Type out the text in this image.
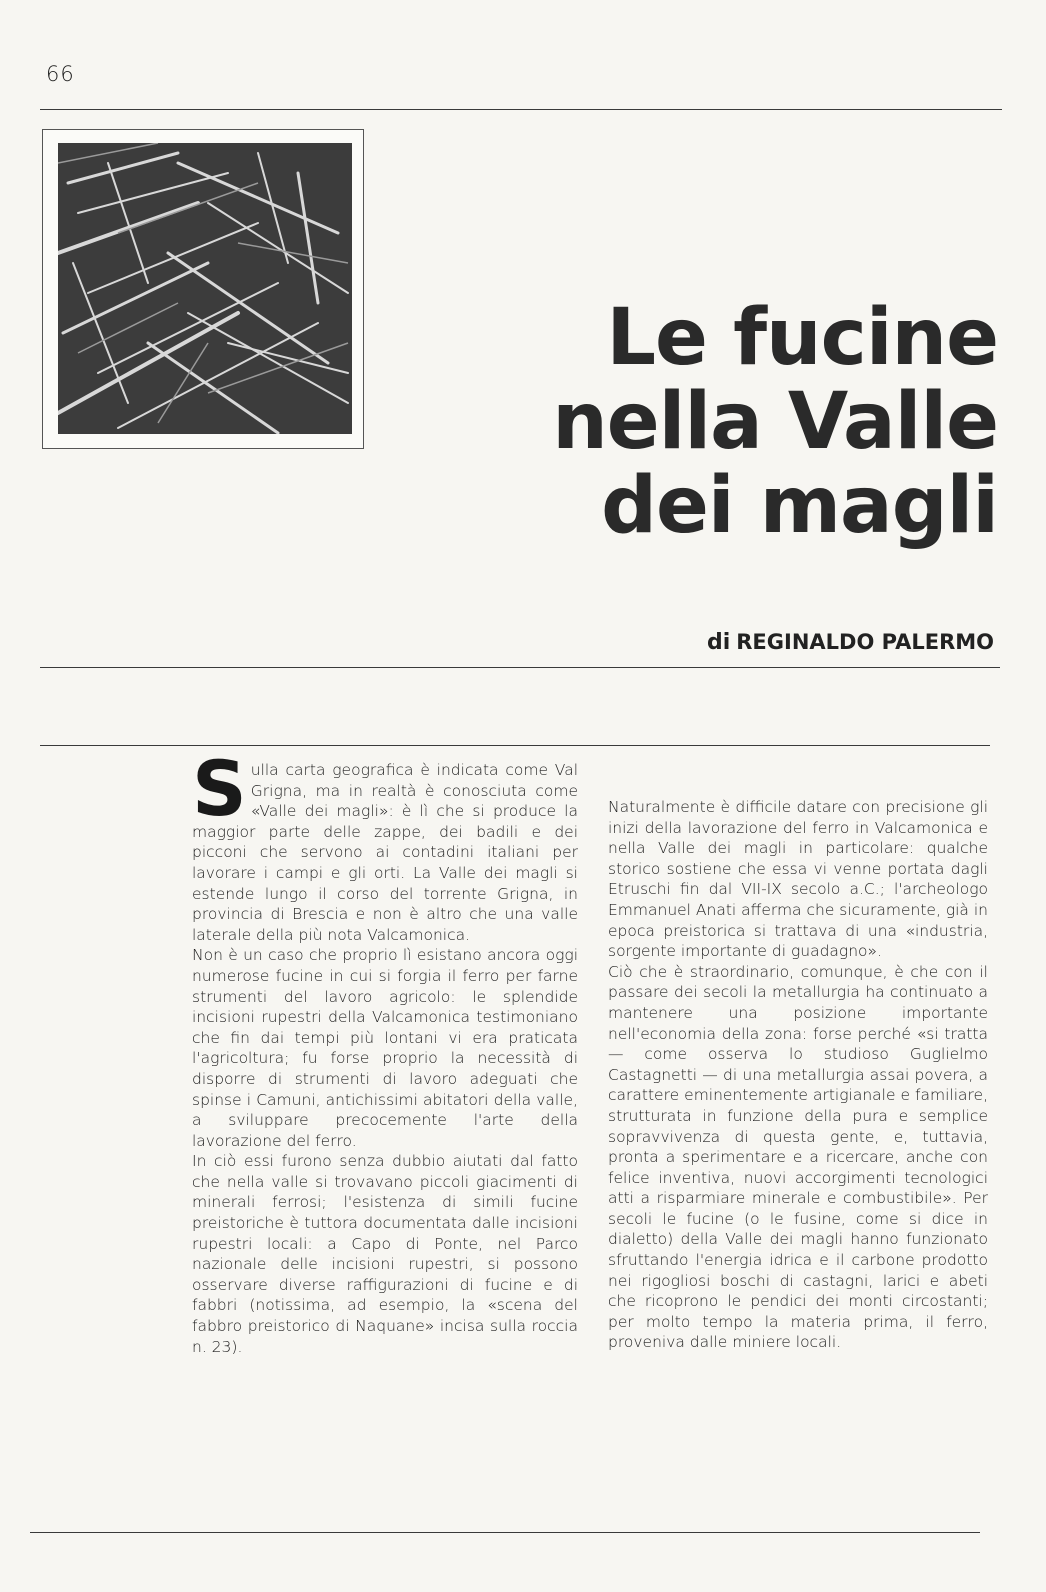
66
Le fucine
nella Valle
dei magli
di REGINALDO PALERMO

Sulla carta geografica è indicata come Val Grigna, ma in realtà è conosciuta come «Valle dei magli»: è lì che si produce la maggior parte delle zappe, dei badili e dei picconi che servono ai contadini italiani per lavorare i campi e gli orti. La Valle dei magli si estende lungo il corso del torrente Grigna, in provincia di Brescia e non è altro che una valle laterale della più nota Valcamonica.

Non è un caso che proprio lì esistano ancora oggi numerose fucine in cui si forgia il ferro per farne strumenti del lavoro agricolo: le splendide incisioni rupestri della Valcamonica testimoniano che fin dai tempi più lontani vi era praticata l'agricoltura; fu forse proprio la necessità di disporre di strumenti di lavoro adeguati che spinse i Camuni, antichissimi abitatori della valle, a sviluppare precocemente l'arte della lavorazione del ferro.

In ciò essi furono senza dubbio aiutati dal fatto che nella valle si trovavano piccoli giacimenti di minerali ferrosi; l'esistenza di simili fucine preistoriche è tuttora documentata dalle incisioni rupestri locali: a Capo di Ponte, nel Parco nazionale delle incisioni rupestri, si possono osservare diverse raffigurazioni di fucine e di fabbri (notissima, ad esempio, la «scena del fabbro preistorico di Naquane» incisa sulla roccia n. 23).

Naturalmente è difficile datare con precisione gli inizi della lavorazione del ferro in Valcamonica e nella Valle dei magli in particolare: qualche storico sostiene che essa vi venne portata dagli Etruschi fin dal VII-IX secolo a.C.; l'archeologo Emmanuel Anati afferma che sicuramente, già in epoca preistorica si trattava di una «industria, sorgente importante di guadagno».

Ciò che è straordinario, comunque, è che con il passare dei secoli la metallurgia ha continuato a mantenere una posizione importante nell'economia della zona: forse perché «si tratta — come osserva lo studioso Guglielmo Castagnetti — di una metallurgia assai povera, a carattere eminentemente artigianale e familiare, strutturata in funzione della pura e semplice sopravvivenza di questa gente, e, tuttavia, pronta a sperimentare e a ricercare, anche con felice inventiva, nuovi accorgimenti tecnologici atti a risparmiare minerale e combustibile». Per secoli le fucine (o le fusine, come si dice in dialetto) della Valle dei magli hanno funzionato sfruttando l'energia idrica e il carbone prodotto nei rigogliosi boschi di castagni, larici e abeti che ricoprono le pendici dei monti circostanti; per molto tempo la materia prima, il ferro, proveniva dalle miniere locali.
